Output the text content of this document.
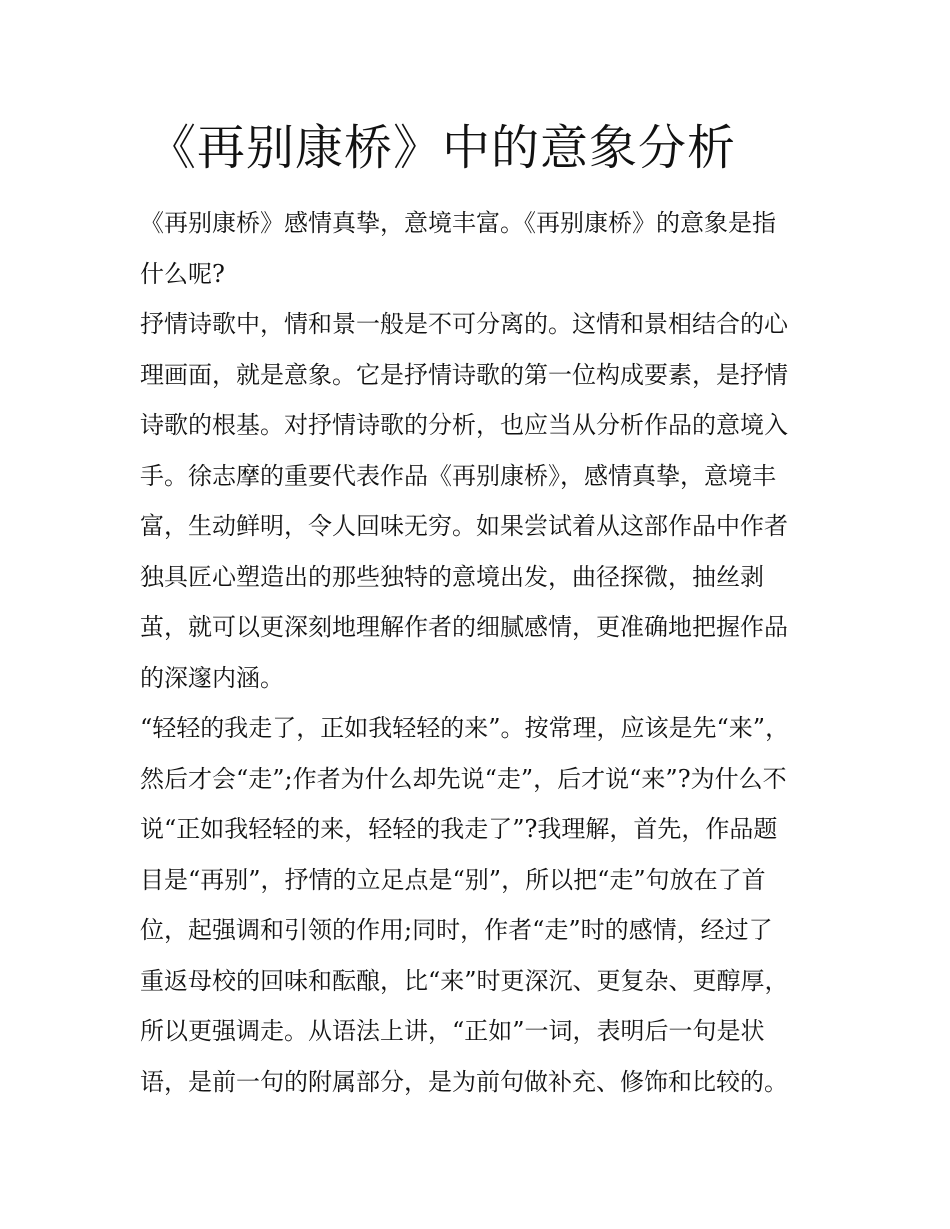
《再别康桥》中的意象分析
《再别康桥》感情真挚，意境丰富。《再别康桥》的意象是指
什么呢?
抒情诗歌中，情和景一般是不可分离的。这情和景相结合的心
理画面，就是意象。它是抒情诗歌的第一位构成要素，是抒情
诗歌的根基。对抒情诗歌的分析，也应当从分析作品的意境入
手。徐志摩的重要代表作品《再别康桥》，感情真挚，意境丰
富，生动鲜明，令人回味无穷。如果尝试着从这部作品中作者
独具匠心塑造出的那些独特的意境出发，曲径探微，抽丝剥
茧，就可以更深刻地理解作者的细腻感情，更准确地把握作品
的深邃内涵。
“轻轻的我走了，正如我轻轻的来”。按常理，应该是先“来”，
然后才会“走”;作者为什么却先说“走”，后才说“来”?为什么不
说“正如我轻轻的来，轻轻的我走了”?我理解，首先，作品题
目是“再别”，抒情的立足点是“别”，所以把“走”句放在了首
位，起强调和引领的作用;同时，作者“走”时的感情，经过了
重返母校的回味和酝酿，比“来”时更深沉、更复杂、更醇厚，
所以更强调走。从语法上讲，“正如”一词，表明后一句是状
语，是前一句的附属部分，是为前句做补充、修饰和比较的。
